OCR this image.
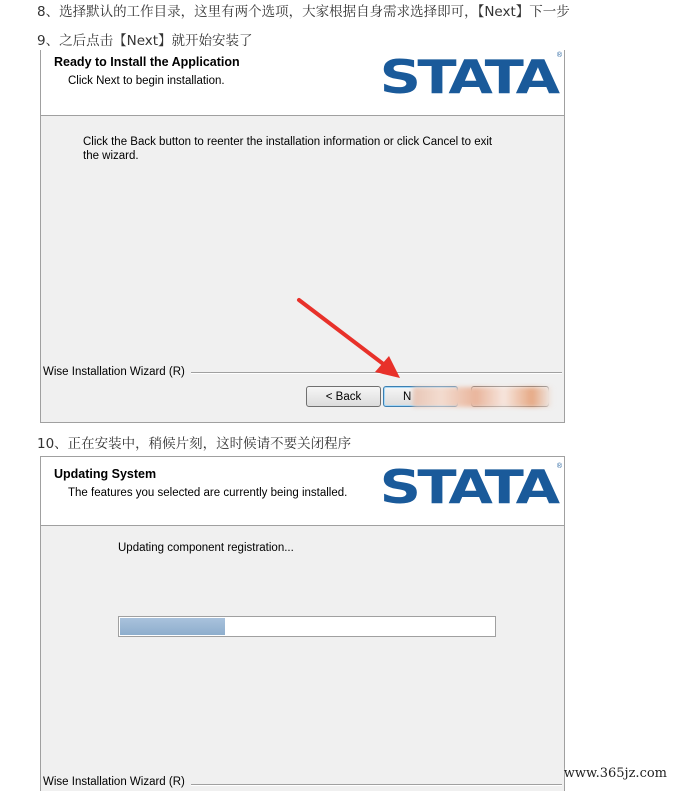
8、选择默认的工作目录，这里有两个选项，大家根据自身需求选择即可，【Next】下一步
9、之后点击【Next】就开始安装了
Ready to Install the Application
Click Next to begin installation.	STATA ®
Click the Back button to reenter the installation information or click Cancel to exit
the wizard.
Wise Installation Wizard (R)
< Back	N
10、正在安装中，稍候片刻，这时候请不要关闭程序
Updating System
The features you selected are currently being installed. STATA ®
Updating component registration...
Wise Installation Wizard (R)
www.365jz.com
